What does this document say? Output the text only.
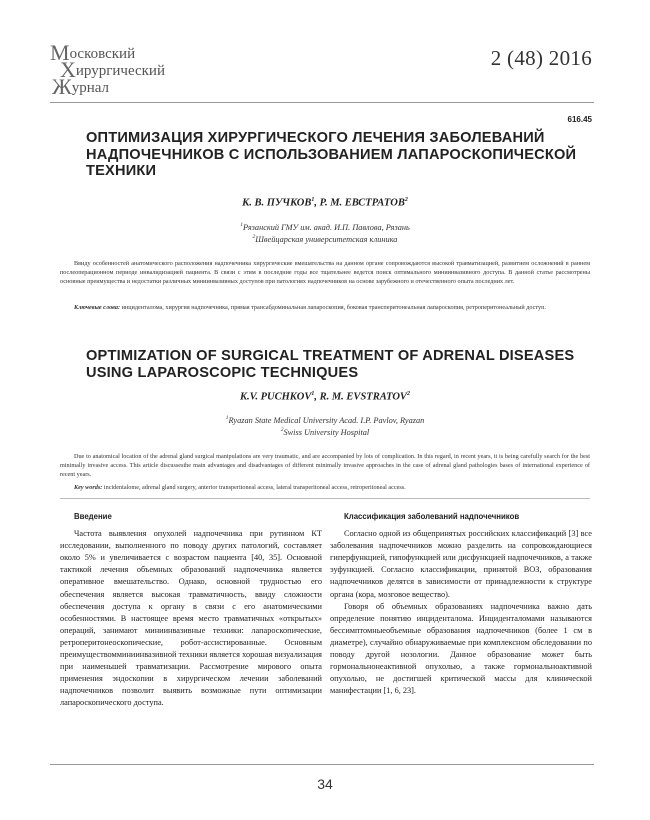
Московский
Хирургический
Журнал
2 (48) 2016
616.45
ОПТИМИЗАЦИЯ ХИРУРГИЧЕСКОГО ЛЕЧЕНИЯ ЗАБОЛЕВАНИЙ НАДПОЧЕЧНИКОВ С ИСПОЛЬЗОВАНИЕМ ЛАПАРОСКОПИЧЕСКОЙ ТЕХНИКИ
К. В. ПУЧКОВ$^1$, Р. М. ЕВСТРАТОВ$^2$
$^1$Рязанский ГМУ им. акад. И.П. Павлова, Рязань
$^2$Швейцарская университетская клиника
Ввиду особенностей анатомического расположения надпочечника хирургические вмешательства на данном органе сопровождаются высокой травматизацией, развитием осложнений в раннем послеоперационном периоде инвалидизацией пациента. В связи с этим в последние годы все тщательнее ведется поиск оптимального миниинвазивного доступа. В данной статье рассмотрены основные преимущества и недостатки различных миниинвазивных доступов при патологиях надпочечников на основе зарубежного и отечественного опыта последних лет.
Ключевые слова: инциденталома, хирургия надпочечника, прямая трансабдоминальная лапароскопия, боковая трансперитонеальная лапароскопия, ретроперитонеальный доступ.
OPTIMIZATION OF SURGICAL TREATMENT OF ADRENAL DISEASES USING LAPAROSCOPIC TECHNIQUES
K.V. PUCHKOV$^1$, R. M. EVSTRATOV$^2$
$^1$Ryazan State Medical University Acad. I.P. Pavlov, Ryazan
$^2$Swiss University Hospital
Due to anatomical location of the adrenal gland surgical manipulations are very traumatic, and are accompanied by lots of complication. In this regard, in recent years, it is being carefully search for the best minimally invasive access. This article discussesthe main advantages and disadvantages of different minimally invasive approaches in the case of adrenal gland pathologies bases of international experience of recent years.
Key words: incidentalome, adrenal gland surgery, anterior transperitoneal access, lateral transperitoneal access, retroperitoneal access.
Введение

Частота выявления опухолей надпочечника при рутинном КТ исследовании, выполненного по поводу других патологий, составляет около 5% и увеличивается с возрастом пациента [40, 35]. Основной тактикой лечения объемных образований надпочечника является оперативное вмешательство. Однако, основной трудностью его обеспечения является высокая травматичность, ввиду сложности обеспечения доступа к органу в связи с его анатомическими особенностями. В настоящее время место травматичных «открытых» операций, занимают миниинвазивные техники: лапароскопические, ретроперитонеоскопические, робот-ассистированные. Основным преимуществомминиинвазивной техники является хорошая визуализация при наименьшей травматизации. Рассмотрение мирового опыта применения эндоскопии в хирургическом лечении заболеваний надпочечников позволит выявить возможные пути оптимизации лапароскопического доступа.

Классификация заболеваний надпочечников

Согласно одной из общепринятых российских классификаций [3] все заболевания надпочечников можно разделить на сопровождающиеся гиперфункцией, гипофункцией или дисфункцией надпочечников, а также эуфункцией. Согласно классификации, принятой ВОЗ, образования надпочечников делятся в зависимости от принадлежности к структуре органа (кора, мозговое вещество).

Говоря об объемных образованиях надпочечника важно дать определение понятию инциденталома. Инциденталомами называются бессимптомныеобъемные образования надпочечников (более 1 см в диаметре), случайно обнаруживаемые при комплексном обследовании по поводу другой нозологии. Данное образование может быть гормональнонеактивной опухолью, а также гормональноактивной опухолью, не достигшей критической массы для клинической манифестации [1, 6, 23].

34
